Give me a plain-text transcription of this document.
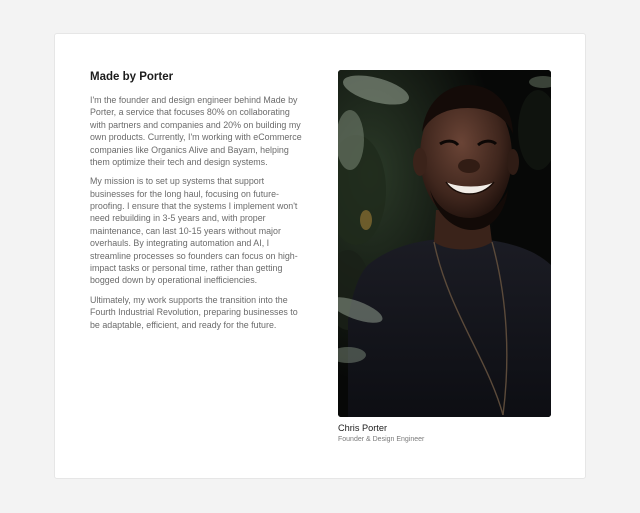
Made by Porter

I'm the founder and design engineer behind Made by Porter, a service that focuses 80% on collaborating with partners and companies and 20% on building my own products. Currently, I'm working with eCommerce companies like Organics Alive and Bayam, helping them optimize their tech and design systems.

My mission is to set up systems that support businesses for the long haul, focusing on future-proofing. I ensure that the systems I implement won't need rebuilding in 3-5 years and, with proper maintenance, can last 10-15 years without major overhauls. By integrating automation and AI, I streamline processes so founders can focus on high-impact tasks or personal time, rather than getting bogged down by operational inefficiencies.

Ultimately, my work supports the transition into the Fourth Industrial Revolution, preparing businesses to be adaptable, efficient, and ready for the future.

Chris Porter
Founder & Design Engineer
